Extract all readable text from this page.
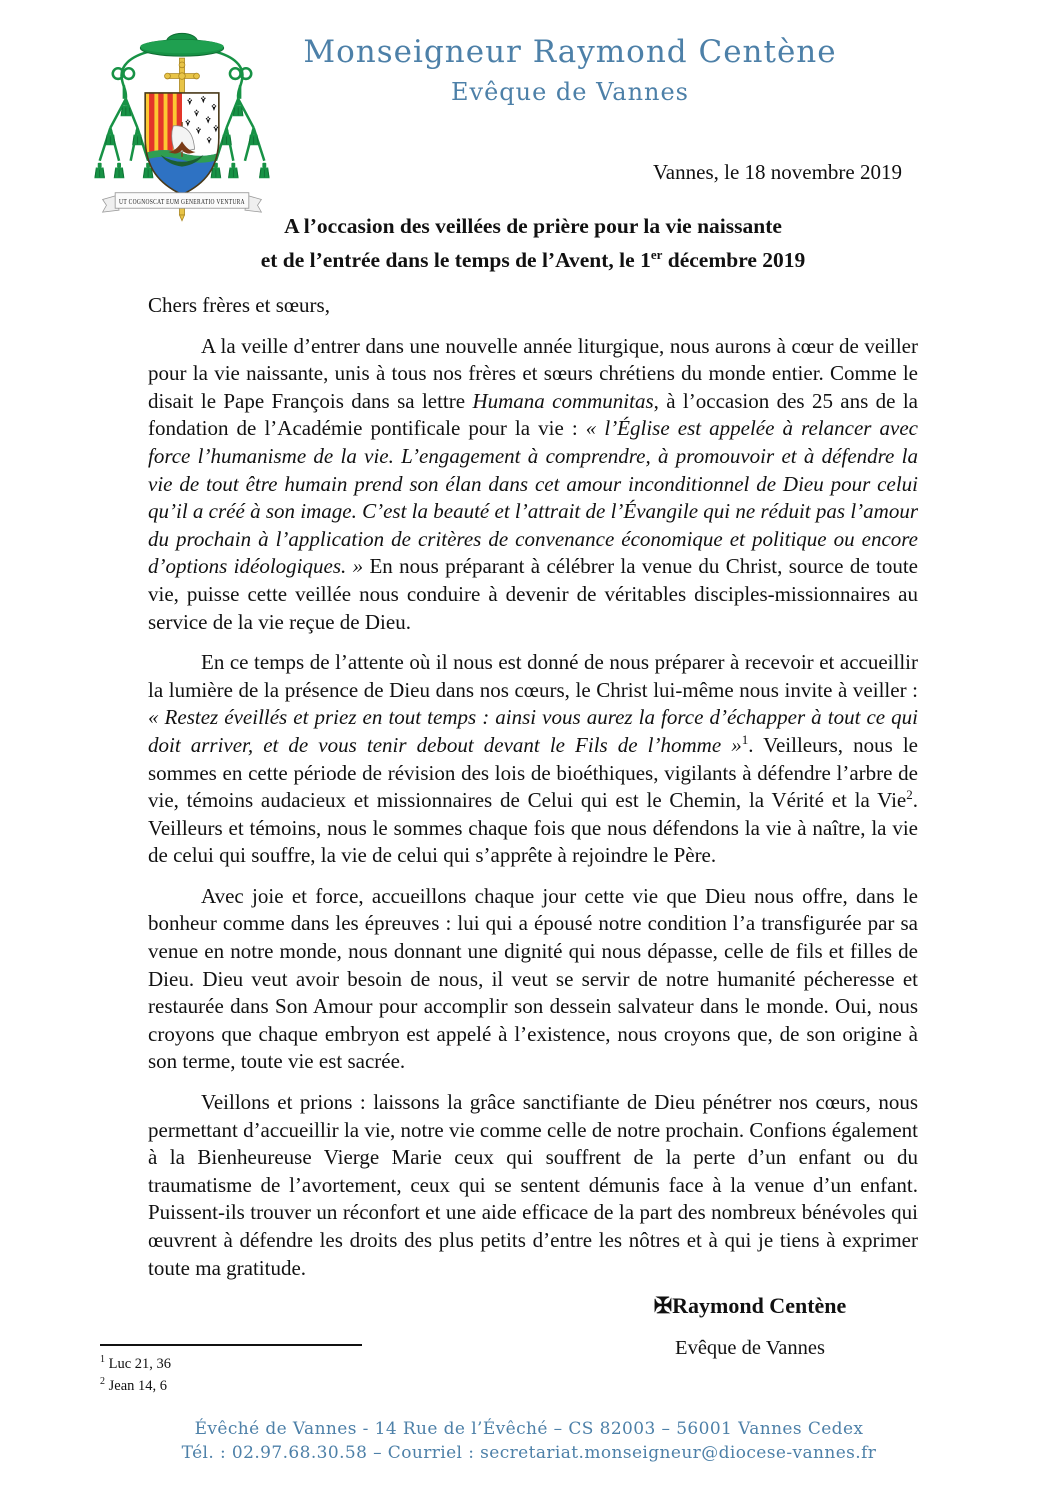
UT COGNOSCAT EUM GENERATIO VENTURA

Monseigneur Raymond Centène

Evêque de Vannes

Vannes, le 18 novembre 2019
A l’occasion des veillées de prière pour la vie naissante
et de l’entrée dans le temps de l’Avent, le 1er décembre 2019

Chers frères et sœurs,

A la veille d’entrer dans une nouvelle année liturgique, nous aurons à cœur de veiller pour la vie naissante, unis à tous nos frères et sœurs chrétiens du monde entier. Comme le disait le Pape François dans sa lettre Humana communitas, à l’occasion des 25 ans de la fondation de l’Académie pontificale pour la vie : « l’Église est appelée à relancer avec force l’humanisme de la vie. L’engagement à comprendre, à promouvoir et à défendre la vie de tout être humain prend son élan dans cet amour inconditionnel de Dieu pour celui qu’il a créé à son image. C’est la beauté et l’attrait de l’Évangile qui ne réduit pas l’amour du prochain à l’application de critères de convenance économique et politique ou encore d’options idéologiques. » En nous préparant à célébrer la venue du Christ, source de toute vie, puisse cette veillée nous conduire à devenir de véritables disciples-missionnaires au service de la vie reçue de Dieu.

En ce temps de l’attente où il nous est donné de nous préparer à recevoir et accueillir la lumière de la présence de Dieu dans nos cœurs, le Christ lui-même nous invite à veiller : « Restez éveillés et priez en tout temps : ainsi vous aurez la force d’échapper à tout ce qui doit arriver, et de vous tenir debout devant le Fils de l’homme »$^1$. Veilleurs, nous le sommes en cette période de révision des lois de bioéthiques, vigilants à défendre l’arbre de vie, témoins audacieux et missionnaires de Celui qui est le Chemin, la Vérité et la Vie$^2$. Veilleurs et témoins, nous le sommes chaque fois que nous défendons la vie à naître, la vie de celui qui souffre, la vie de celui qui s’apprête à rejoindre le Père.

Avec joie et force, accueillons chaque jour cette vie que Dieu nous offre, dans le bonheur comme dans les épreuves : lui qui a épousé notre condition l’a transfigurée par sa venue en notre monde, nous donnant une dignité qui nous dépasse, celle de fils et filles de Dieu. Dieu veut avoir besoin de nous, il veut se servir de notre humanité pécheresse et restaurée dans Son Amour pour accomplir son dessein salvateur dans le monde. Oui, nous croyons que chaque embryon est appelé à l’existence, nous croyons que, de son origine à son terme, toute vie est sacrée.

Veillons et prions : laissons la grâce sanctifiante de Dieu pénétrer nos cœurs, nous permettant d’accueillir la vie, notre vie comme celle de notre prochain. Confions également à la Bienheureuse Vierge Marie ceux qui souffrent de la perte d’un enfant ou du traumatisme de l’avortement, ceux qui se sentent démunis face à la venue d’un enfant. Puissent-ils trouver un réconfort et une aide efficace de la part des nombreux bénévoles qui œuvrent à défendre les droits des plus petits d’entre les nôtres et à qui je tiens à exprimer toute ma gratitude.

✠Raymond Centène

Evêque de Vannes

$^1$ Luc 21, 36

$^2$ Jean 14, 6

Évêché de Vannes - 14 Rue de l’Évêché – CS 82003 – 56001 Vannes Cedex

Tél. : 02.97.68.30.58 – Courriel : secretariat.monseigneur@diocese-vannes.fr
